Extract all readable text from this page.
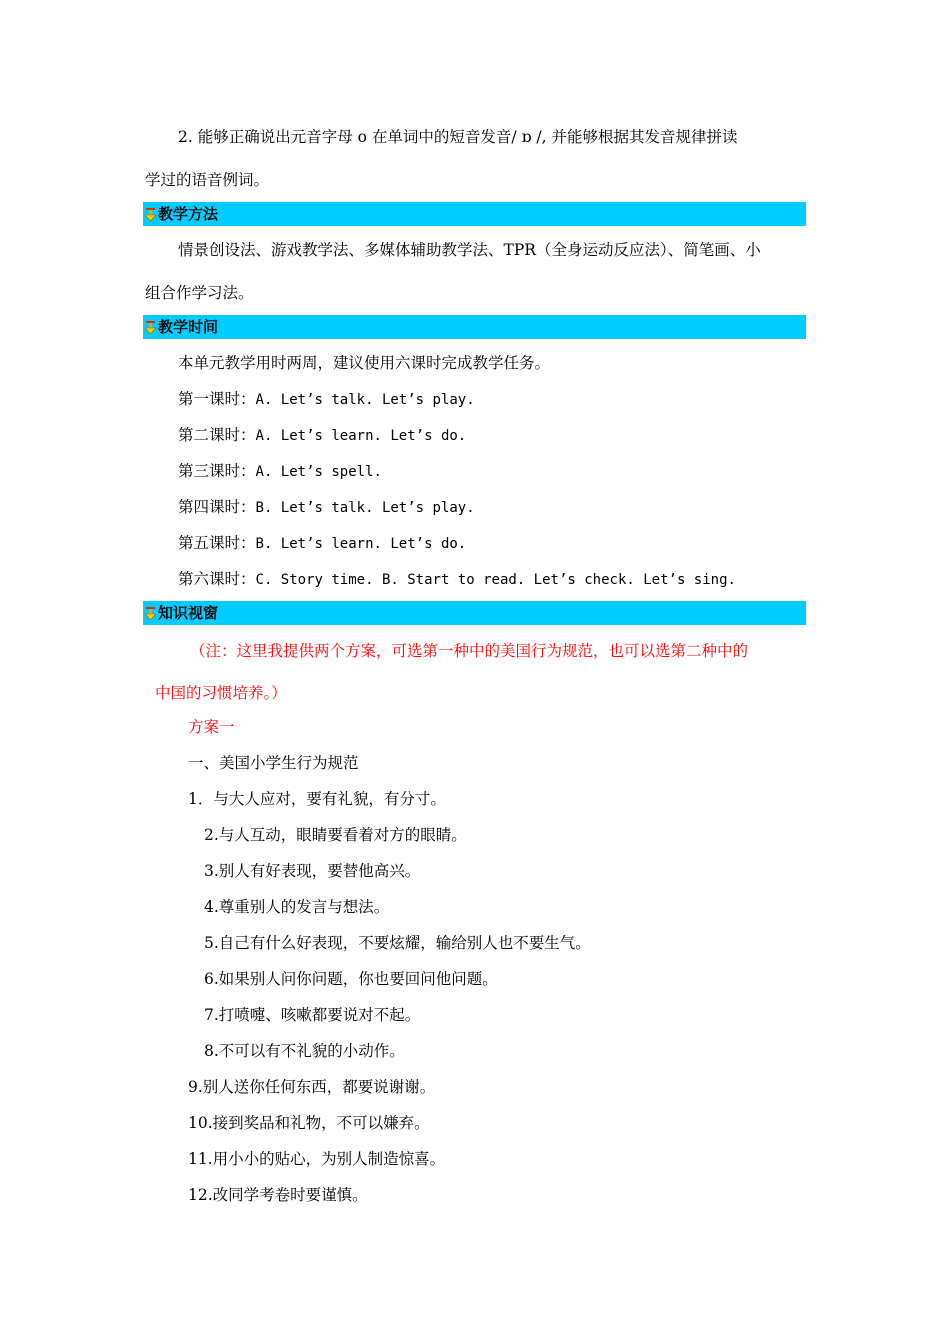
2. 能够正确说出元音字母 o 在单词中的短音发音/ ɒ /, 并能够根据其发音规律拼读
学过的语音例词。
教学方法
情景创设法、游戏教学法、多媒体辅助教学法、TPR（全身运动反应法）、简笔画、小
组合作学习法。
教学时间
本单元教学用时两周，建议使用六课时完成教学任务。
第一课时：A. Let’s talk. Let’s play.
第二课时：A. Let’s learn. Let’s do.
第三课时：A. Let’s spell.
第四课时：B. Let’s talk. Let’s play.
第五课时：B. Let’s learn. Let’s do.
第六课时：C. Story time. B. Start to read. Let’s check. Let’s sing.
知识视窗
（注：这里我提供两个方案，可选第一种中的美国行为规范，也可以选第二种中的
中国的习惯培养。）
方案一
一、美国小学生行为规范
1．与大人应对，要有礼貌，有分寸。
2.与人互动，眼睛要看着对方的眼睛。
3.别人有好表现，要替他高兴。
4.尊重别人的发言与想法。
5.自己有什么好表现，不要炫耀，输给别人也不要生气。
6.如果别人问你问题，你也要回问他问题。
7.打喷嚏、咳嗽都要说对不起。
8.不可以有不礼貌的小动作。
9.别人送你任何东西，都要说谢谢。
10.接到奖品和礼物，不可以嫌弃。
11.用小小的贴心，为别人制造惊喜。
12.改同学考卷时要谨慎。
